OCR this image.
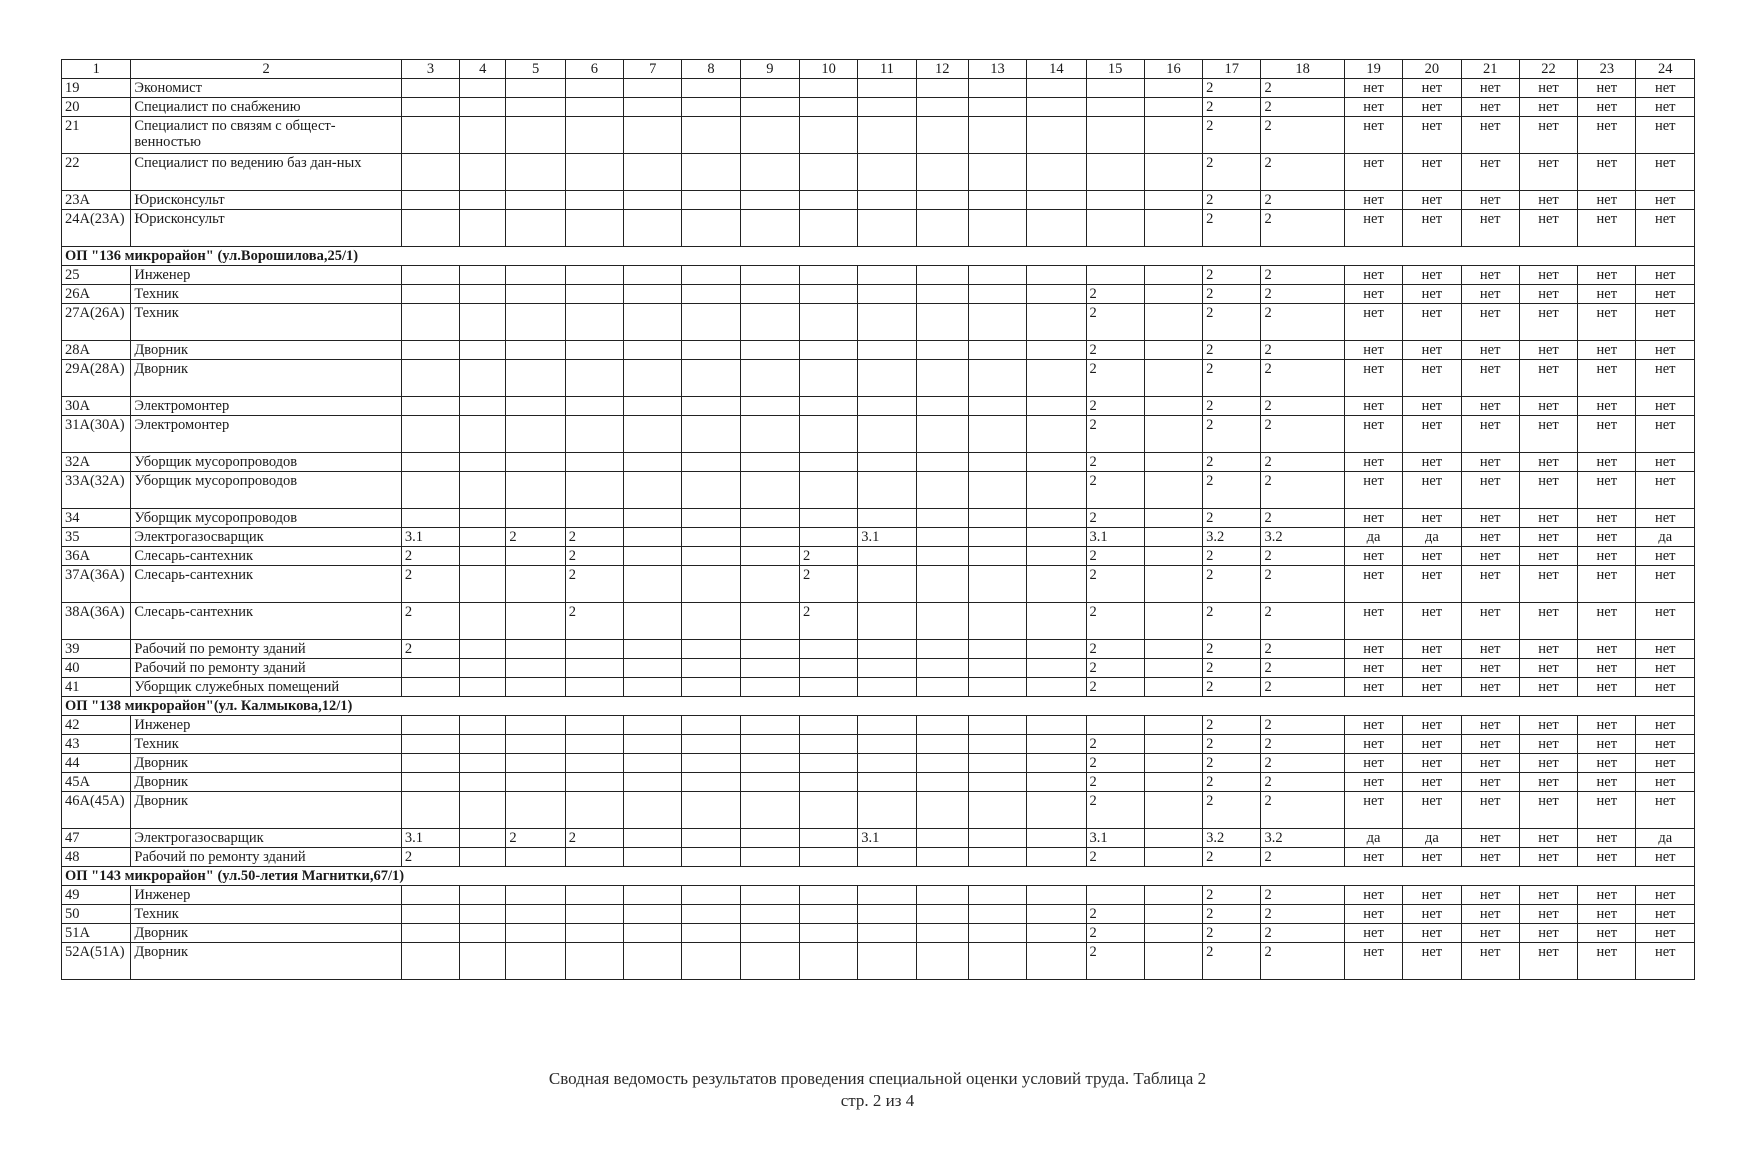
1	2	3	4	5	6	7	8	9	10	11	12	13	14	15	16	17	18	19	20	21	22	23	24
19	Экономист															2	2	нет	нет	нет	нет	нет	нет
20	Специалист по снабжению															2	2	нет	нет	нет	нет	нет	нет
21	Специалист по связям с общест-венностью															2	2	нет	нет	нет	нет	нет	нет
22	Специалист по ведению баз дан-ных															2	2	нет	нет	нет	нет	нет	нет
23А	Юрисконсульт															2	2	нет	нет	нет	нет	нет	нет
24А(23А)	Юрисконсульт															2	2	нет	нет	нет	нет	нет	нет
ОП "136 микрорайон" (ул.Ворошилова,25/1)																							
25	Инженер															2	2	нет	нет	нет	нет	нет	нет
26А	Техник													2		2	2	нет	нет	нет	нет	нет	нет
27А(26А)	Техник													2		2	2	нет	нет	нет	нет	нет	нет
28А	Дворник													2		2	2	нет	нет	нет	нет	нет	нет
29А(28А)	Дворник													2		2	2	нет	нет	нет	нет	нет	нет
30А	Электромонтер													2		2	2	нет	нет	нет	нет	нет	нет
31А(30А)	Электромонтер													2		2	2	нет	нет	нет	нет	нет	нет
32А	Уборщик мусоропроводов													2		2	2	нет	нет	нет	нет	нет	нет
33А(32А)	Уборщик мусоропроводов													2		2	2	нет	нет	нет	нет	нет	нет
34	Уборщик мусоропроводов													2		2	2	нет	нет	нет	нет	нет	нет
35	Электрогазосварщик	3.1		2	2					3.1				3.1		3.2	3.2	да	да	нет	нет	нет	да
36А	Слесарь-сантехник	2			2				2					2		2	2	нет	нет	нет	нет	нет	нет
37А(36А)	Слесарь-сантехник	2			2				2					2		2	2	нет	нет	нет	нет	нет	нет
38А(36А)	Слесарь-сантехник	2			2				2					2		2	2	нет	нет	нет	нет	нет	нет
39	Рабочий по ремонту зданий	2												2		2	2	нет	нет	нет	нет	нет	нет
40	Рабочий по ремонту зданий													2		2	2	нет	нет	нет	нет	нет	нет
41	Уборщик служебных помещений													2		2	2	нет	нет	нет	нет	нет	нет
ОП "138 микрорайон"(ул. Калмыкова,12/1)																							
42	Инженер															2	2	нет	нет	нет	нет	нет	нет
43	Техник													2		2	2	нет	нет	нет	нет	нет	нет
44	Дворник													2		2	2	нет	нет	нет	нет	нет	нет
45А	Дворник													2		2	2	нет	нет	нет	нет	нет	нет
46А(45А)	Дворник													2		2	2	нет	нет	нет	нет	нет	нет
47	Электрогазосварщик	3.1		2	2					3.1				3.1		3.2	3.2	да	да	нет	нет	нет	да
48	Рабочий по ремонту зданий	2												2		2	2	нет	нет	нет	нет	нет	нет
ОП "143 микрорайон" (ул.50-летия Магнитки,67/1)																							
49	Инженер															2	2	нет	нет	нет	нет	нет	нет
50	Техник													2		2	2	нет	нет	нет	нет	нет	нет
51А	Дворник													2		2	2	нет	нет	нет	нет	нет	нет
52А(51А)	Дворник													2		2	2	нет	нет	нет	нет	нет	нет
Сводная ведомость результатов проведения специальной оценки условий труда. Таблица 2
стр. 2 из 4
